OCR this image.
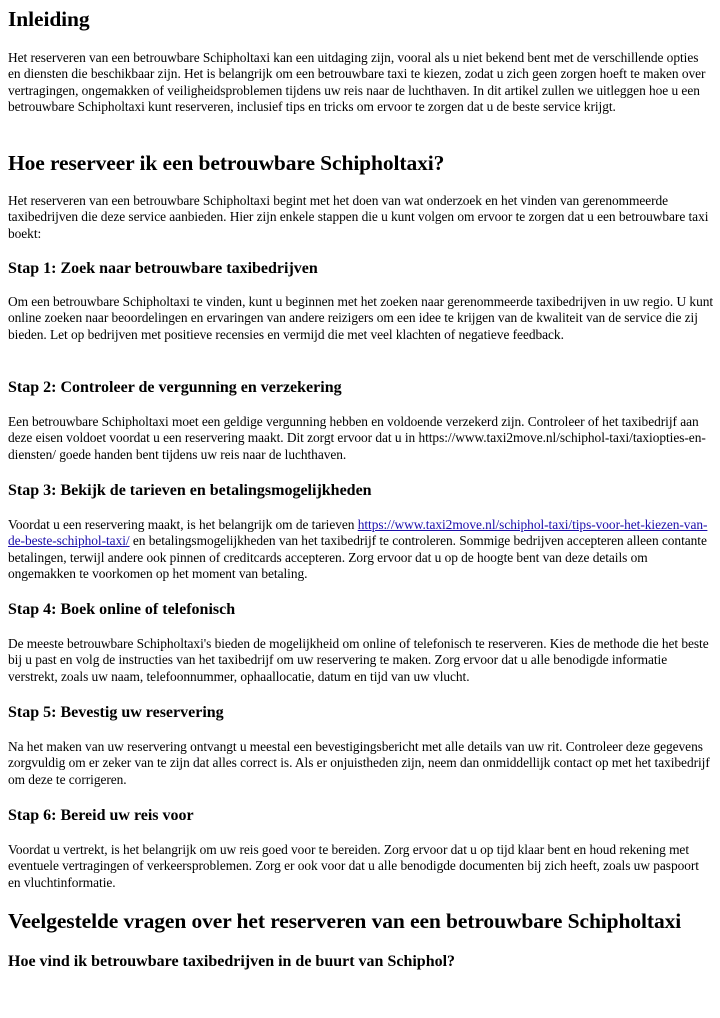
Inleiding

Het reserveren van een betrouwbare Schipholtaxi kan een uitdaging zijn, vooral als u niet bekend bent met de verschillende opties en diensten die beschikbaar zijn. Het is belangrijk om een betrouwbare taxi te kiezen, zodat u zich geen zorgen hoeft te maken over vertragingen, ongemakken of veiligheidsproblemen tijdens uw reis naar de luchthaven. In dit artikel zullen we uitleggen hoe u een betrouwbare Schipholtaxi kunt reserveren, inclusief tips en tricks om ervoor te zorgen dat u de beste service krijgt.

Hoe reserveer ik een betrouwbare Schipholtaxi?

Het reserveren van een betrouwbare Schipholtaxi begint met het doen van wat onderzoek en het vinden van gerenommeerde taxibedrijven die deze service aanbieden. Hier zijn enkele stappen die u kunt volgen om ervoor te zorgen dat u een betrouwbare taxi boekt:

Stap 1: Zoek naar betrouwbare taxibedrijven

Om een betrouwbare Schipholtaxi te vinden, kunt u beginnen met het zoeken naar gerenommeerde taxibedrijven in uw regio. U kunt online zoeken naar beoordelingen en ervaringen van andere reizigers om een idee te krijgen van de kwaliteit van de service die zij bieden. Let op bedrijven met positieve recensies en vermijd die met veel klachten of negatieve feedback.

Stap 2: Controleer de vergunning en verzekering

Een betrouwbare Schipholtaxi moet een geldige vergunning hebben en voldoende verzekerd zijn. Controleer of het taxibedrijf aan deze eisen voldoet voordat u een reservering maakt. Dit zorgt ervoor dat u in https://www.taxi2move.nl/schiphol-taxi/taxiopties-en-diensten/ goede handen bent tijdens uw reis naar de luchthaven.

Stap 3: Bekijk de tarieven en betalingsmogelijkheden

Voordat u een reservering maakt, is het belangrijk om de tarieven https://www.taxi2move.nl/schiphol-taxi/tips-voor-het-kiezen-van-de-beste-schiphol-taxi/ en betalingsmogelijkheden van het taxibedrijf te controleren. Sommige bedrijven accepteren alleen contante betalingen, terwijl andere ook pinnen of creditcards accepteren. Zorg ervoor dat u op de hoogte bent van deze details om ongemakken te voorkomen op het moment van betaling.

Stap 4: Boek online of telefonisch

De meeste betrouwbare Schipholtaxi's bieden de mogelijkheid om online of telefonisch te reserveren. Kies de methode die het beste bij u past en volg de instructies van het taxibedrijf om uw reservering te maken. Zorg ervoor dat u alle benodigde informatie verstrekt, zoals uw naam, telefoonnummer, ophaallocatie, datum en tijd van uw vlucht.

Stap 5: Bevestig uw reservering

Na het maken van uw reservering ontvangt u meestal een bevestigingsbericht met alle details van uw rit. Controleer deze gegevens zorgvuldig om er zeker van te zijn dat alles correct is. Als er onjuistheden zijn, neem dan onmiddellijk contact op met het taxibedrijf om deze te corrigeren.

Stap 6: Bereid uw reis voor

Voordat u vertrekt, is het belangrijk om uw reis goed voor te bereiden. Zorg ervoor dat u op tijd klaar bent en houd rekening met eventuele vertragingen of verkeersproblemen. Zorg er ook voor dat u alle benodigde documenten bij zich heeft, zoals uw paspoort en vluchtinformatie.

Veelgestelde vragen over het reserveren van een betrouwbare Schipholtaxi
Hoe vind ik betrouwbare taxibedrijven in de buurt van Schiphol?
